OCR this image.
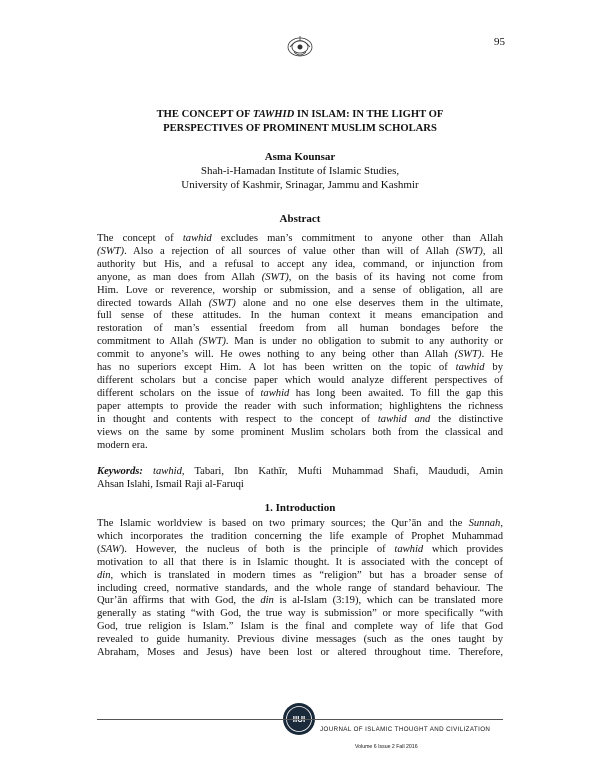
95
THE CONCEPT OF TAWHID IN ISLAM: IN THE LIGHT OF
PERSPECTIVES OF PROMINENT MUSLIM SCHOLARS
Asma Kounsar
Shah-i-Hamadan Institute of Islamic Studies,
University of Kashmir, Srinagar, Jammu and Kashmir
Abstract
The concept of tawhid excludes man’s commitment to anyone other than Allah
(SWT). Also a rejection of all sources of value other than will of Allah (SWT), all
authority but His, and a refusal to accept any idea, command, or injunction from
anyone, as man does from Allah (SWT), on the basis of its having not come from
Him. Love or reverence, worship or submission, and a sense of obligation, all are
directed towards Allah (SWT) alone and no one else deserves them in the ultimate,
full sense of these attitudes. In the human context it means emancipation and
restoration of man’s essential freedom from all human bondages before the
commitment to Allah (SWT). Man is under no obligation to submit to any authority or
commit to anyone’s will. He owes nothing to any being other than Allah (SWT). He
has no superiors except Him. A lot has been written on the topic of tawhid by
different scholars but a concise paper which would analyze different perspectives of
different scholars on the issue of tawhid has long been awaited. To fill the gap this
paper attempts to provide the reader with such information; highlightens the richness
in thought and contents with respect to the concept of tawhid and the distinctive
views on the same by some prominent Muslim scholars both from the classical and
modern era.
Keywords: tawhid, Tabari, Ibn Kathīr, Mufti Muhammad Shafi, Maududi, Amin
Ahsan Islahi, Ismail Raji al-Faruqi
1. Introduction
The Islamic worldview is based on two primary sources; the Qur’ān and the Sunnah,
which incorporates the tradition concerning the life example of Prophet Muhammad
(SAW). However, the nucleus of both is the principle of tawhid which provides
motivation to all that there is in Islamic thought. It is associated with the concept of
din, which is translated in modern times as “religion” but has a broader sense of
including creed, normative standards, and the whole range of standard behaviour. The
Qur’ān affirms that with God, the din is al-Islam (3:19), which can be translated more
generally as stating “with God, the true way is submission” or more specifically “with
God, true religion is Islam.” Islam is the final and complete way of life that God
revealed to guide humanity. Previous divine messages (such as the ones taught by
Abraham, Moses and Jesus) have been lost or altered throughout time. Therefore,
IIUI
JOURNAL OF ISLAMIC THOUGHT AND CIVILIZATION
Volume 6 Issue 2 Fall 2016
